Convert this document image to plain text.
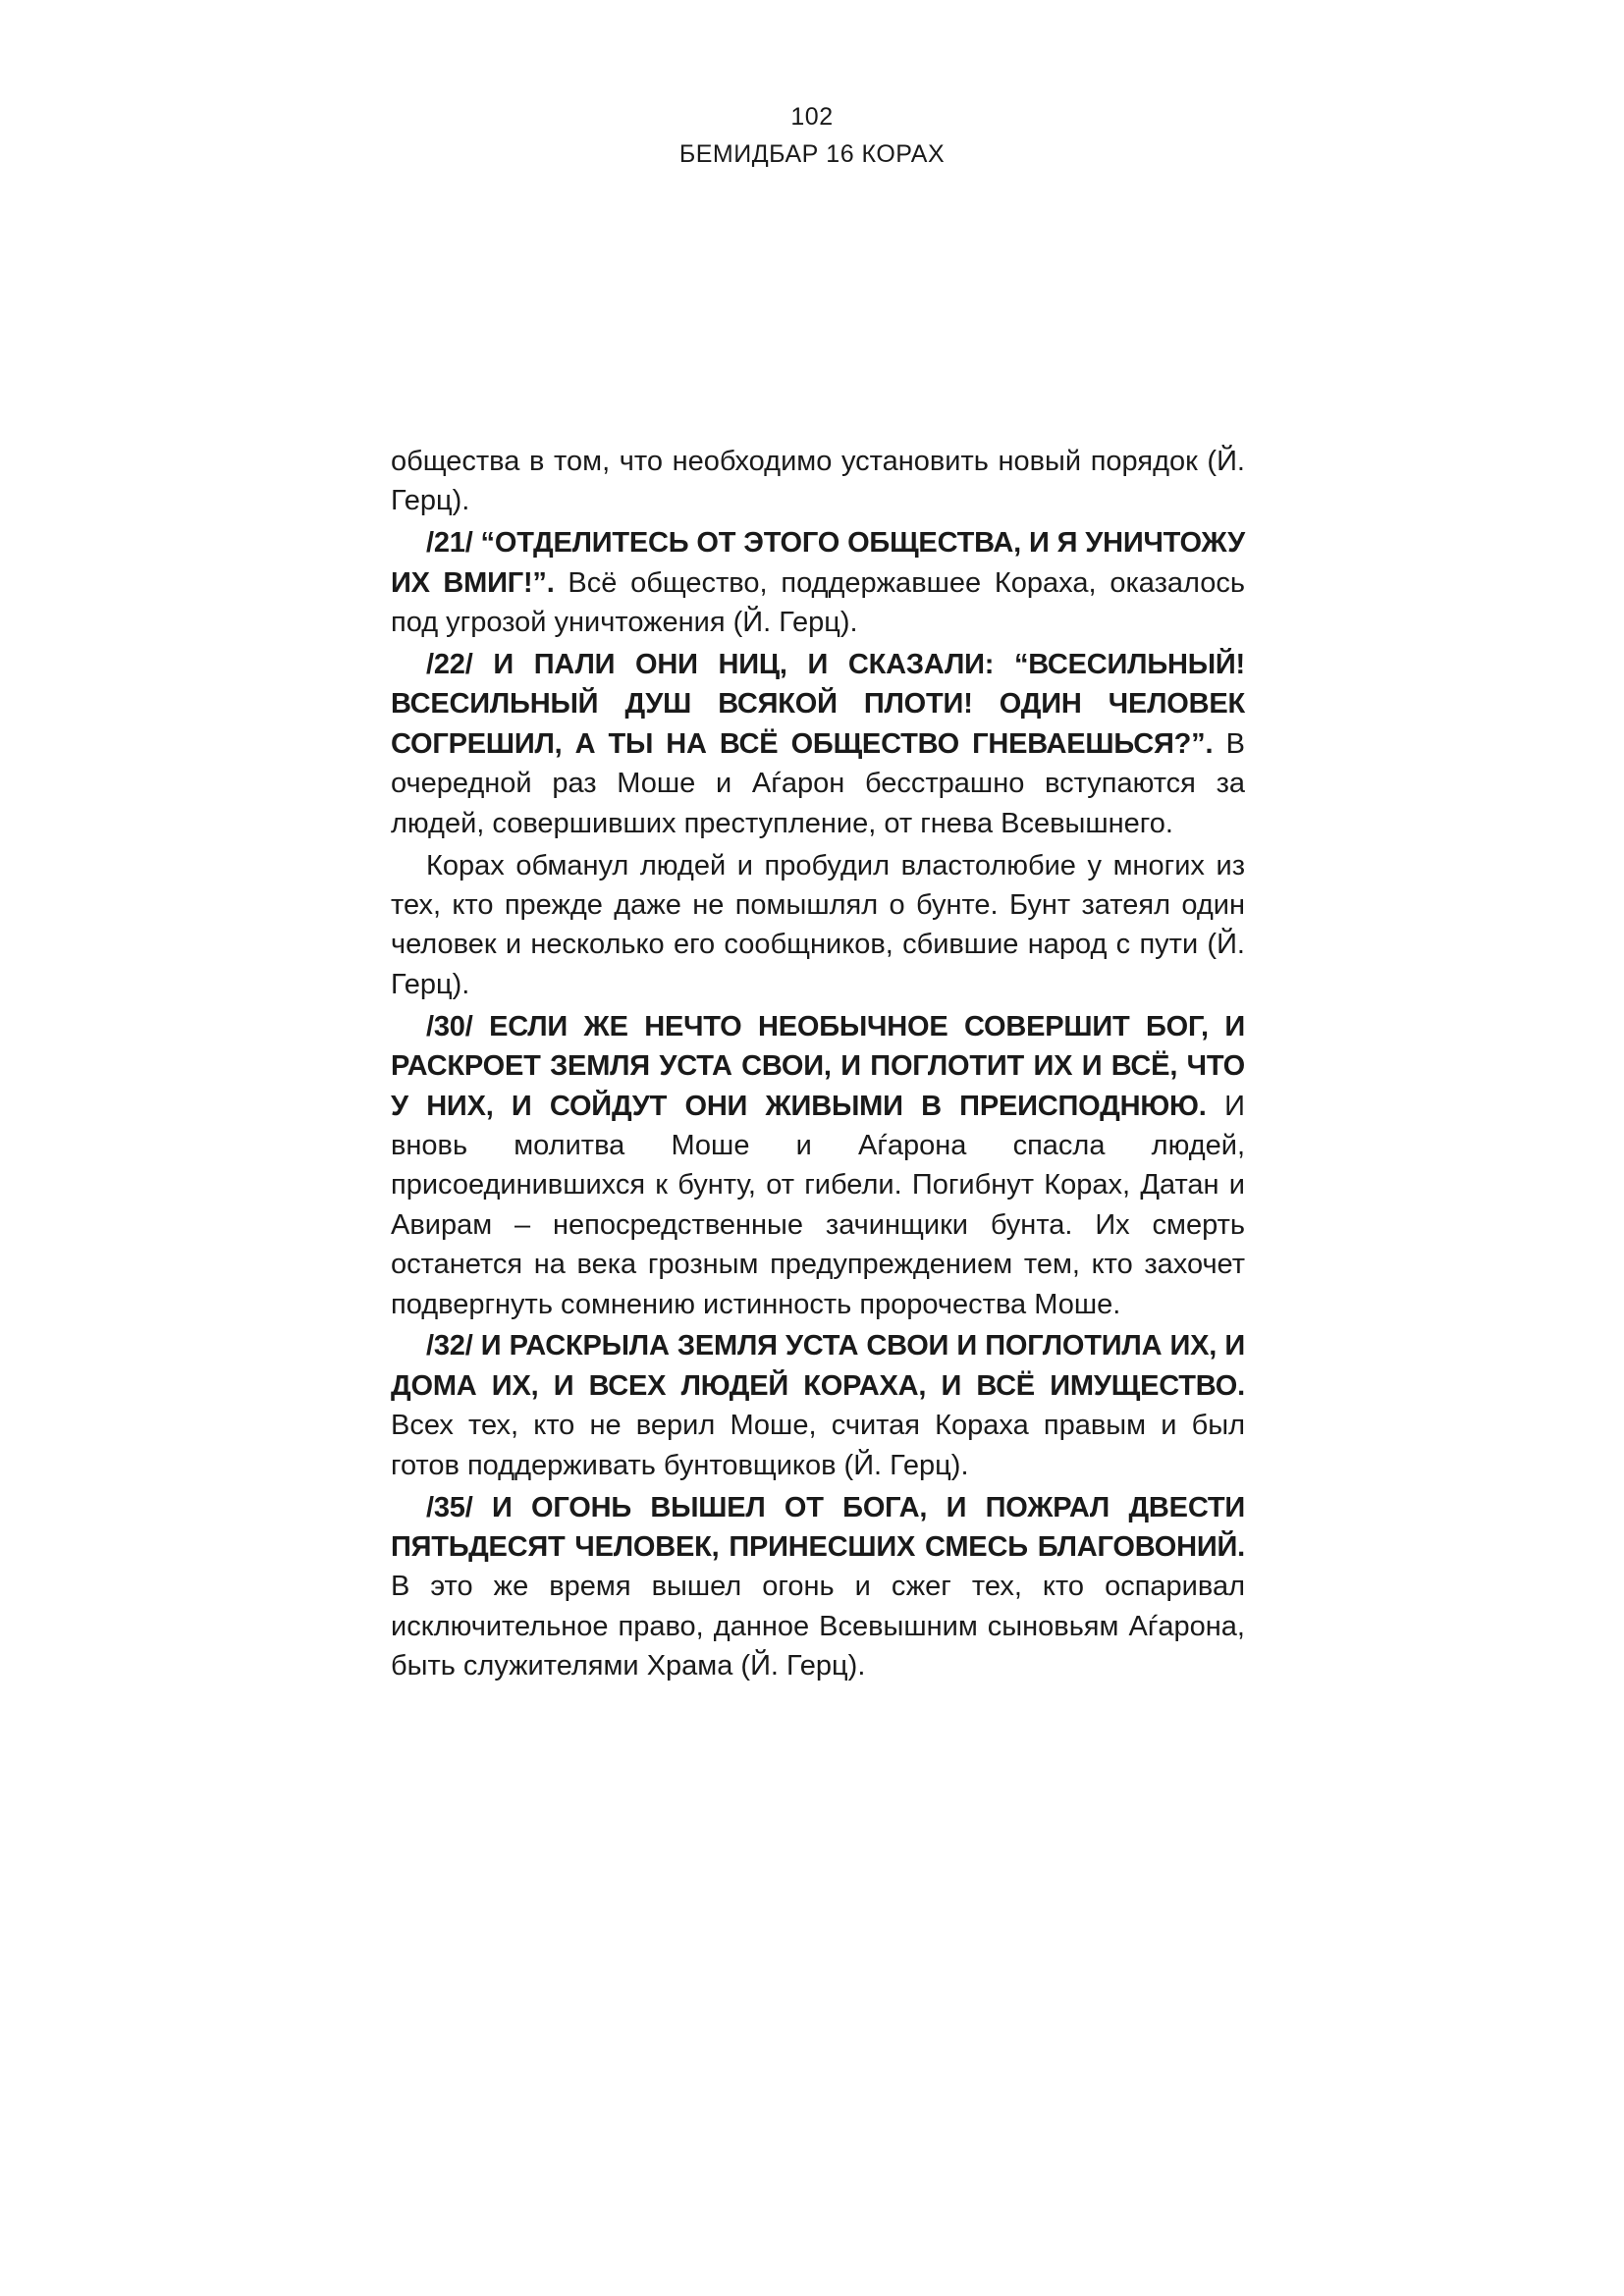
102
БЕМИДБАР 16 КОРАХ

общества в том, что необходимо установить новый порядок (Й. Герц).

/21/ “ОТДЕЛИТЕСЬ ОТ ЭТОГО ОБЩЕСТВА, И Я УНИЧТОЖУ ИХ ВМИГ!”. Всё общество, поддержавшее Кораха, оказалось под угрозой уничтожения (Й. Герц).

/22/ И ПАЛИ ОНИ НИЦ, И СКАЗАЛИ: “ВСЕСИЛЬНЫЙ! ВСЕСИЛЬНЫЙ ДУШ ВСЯКОЙ ПЛОТИ! ОДИН ЧЕЛОВЕК СОГРЕШИЛ, А ТЫ НА ВСЁ ОБЩЕСТВО ГНЕВАЕШЬСЯ?”. В очередной раз Моше и Аѓарон бесстрашно вступаются за людей, совершивших преступление, от гнева Всевышнего.

Корах обманул людей и пробудил властолюбие у многих из тех, кто прежде даже не помышлял о бунте. Бунт затеял один человек и несколько его сообщников, сбившие народ с пути (Й. Герц).

/30/ ЕСЛИ ЖЕ НЕЧТО НЕОБЫЧНОЕ СОВЕРШИТ БОГ, И РАСКРОЕТ ЗЕМЛЯ УСТА СВОИ, И ПОГЛОТИТ ИХ И ВСЁ, ЧТО У НИХ, И СОЙДУТ ОНИ ЖИВЫМИ В ПРЕИСПОДНЮЮ. И вновь молитва Моше и Аѓарона спасла людей, присоединившихся к бунту, от гибели. Погибнут Корах, Датан и Авирам – непосредственные зачинщики бунта. Их смерть останется на века грозным предупреждением тем, кто захочет подвергнуть сомнению истинность пророчества Моше.

/32/ И РАСКРЫЛА ЗЕМЛЯ УСТА СВОИ И ПОГЛОТИЛА ИХ, И ДОМА ИХ, И ВСЕХ ЛЮДЕЙ КОРАХА, И ВСЁ ИМУЩЕСТВО. Всех тех, кто не верил Моше, считая Кораха правым и был готов поддерживать бунтовщиков (Й. Герц).

/35/ И ОГОНЬ ВЫШЕЛ ОТ БОГА, И ПОЖРАЛ ДВЕСТИ ПЯТЬДЕСЯТ ЧЕЛОВЕК, ПРИНЕСШИХ СМЕСЬ БЛАГОВОНИЙ. В это же время вышел огонь и сжег тех, кто оспаривал исключительное право, данное Всевышним сыновьям Аѓарона, быть служителями Храма (Й. Герц).
